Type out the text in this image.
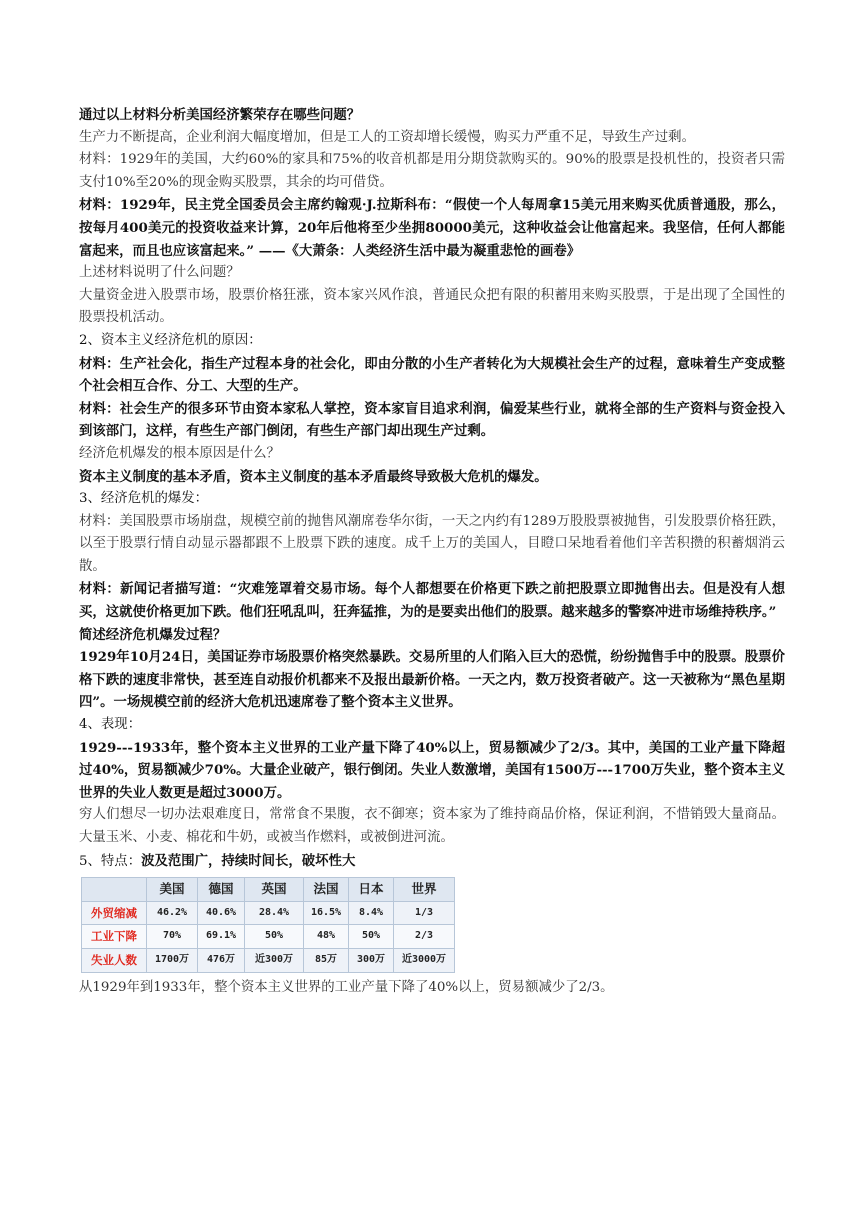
通过以上材料分析美国经济繁荣存在哪些问题？

生产力不断提高，企业利润大幅度增加，但是工人的工资却增长缓慢，购买力严重不足，导致生产过剩。

材料：1929年的美国，大约60%的家具和75%的收音机都是用分期贷款购买的。90%的股票是投机性的，投资者只需支付10%至20%的现金购买股票，其余的均可借贷。

材料：1929年，民主党全国委员会主席约翰观·J.拉斯科布：“假使一个人每周拿15美元用来购买优质普通股，那么，按每月400美元的投资收益来计算，20年后他将至少坐拥80000美元，这种收益会让他富起来。我坚信，任何人都能富起来，而且也应该富起来。” ——《大萧条：人类经济生活中最为凝重悲怆的画卷》

上述材料说明了什么问题？

大量资金进入股票市场，股票价格狂涨，资本家兴风作浪，普通民众把有限的积蓄用来购买股票，于是出现了全国性的股票投机活动。

2、资本主义经济危机的原因：

材料：生产社会化，指生产过程本身的社会化，即由分散的小生产者转化为大规模社会生产的过程，意味着生产变成整个社会相互合作、分工、大型的生产。

材料：社会生产的很多环节由资本家私人掌控，资本家盲目追求利润，偏爱某些行业，就将全部的生产资料与资金投入到该部门，这样，有些生产部门倒闭，有些生产部门却出现生产过剩。

经济危机爆发的根本原因是什么？

资本主义制度的基本矛盾，资本主义制度的基本矛盾最终导致极大危机的爆发。

3、经济危机的爆发：

材料：美国股票市场崩盘，规模空前的抛售风潮席卷华尔街，一天之内约有1289万股股票被抛售，引发股票价格狂跌，以至于股票行情自动显示器都跟不上股票下跌的速度。成千上万的美国人，目瞪口呆地看着他们辛苦积攒的积蓄烟消云散。

材料：新闻记者描写道：“灾难笼罩着交易市场。每个人都想要在价格更下跌之前把股票立即抛售出去。但是没有人想买，这就使价格更加下跌。他们狂吼乱叫，狂奔猛推，为的是要卖出他们的股票。越来越多的警察冲进市场维持秩序。”

简述经济危机爆发过程？

1929年10月24日，美国证券市场股票价格突然暴跌。交易所里的人们陷入巨大的恐慌，纷纷抛售手中的股票。股票价格下跌的速度非常快，甚至连自动报价机都来不及报出最新价格。一天之内，数万投资者破产。这一天被称为“黑色星期四”。一场规模空前的经济大危机迅速席卷了整个资本主义世界。

4、表现：

1929---1933年，整个资本主义世界的工业产量下降了40%以上，贸易额减少了2/3。其中，美国的工业产量下降超过40%，贸易额减少70%。大量企业破产，银行倒闭。失业人数激增，美国有1500万---1700万失业，整个资本主义世界的失业人数更是超过3000万。

穷人们想尽一切办法艰难度日，常常食不果腹，衣不御寒；资本家为了维持商品价格，保证利润，不惜销毁大量商品。大量玉米、小麦、棉花和牛奶，或被当作燃料，或被倒进河流。

5、特点：波及范围广，持续时间长，破坏性大

	美国	德国	英国	法国	日本	世界
外贸缩减	46.2%	40.6%	28.4%	16.5%	8.4%	1/3
工业下降	70%	69.1%	50%	48%	50%	2/3
失业人数	1700万	476万	近300万	85万	300万	近3000万

从1929年到1933年，整个资本主义世界的工业产量下降了40%以上，贸易额减少了2/3。
